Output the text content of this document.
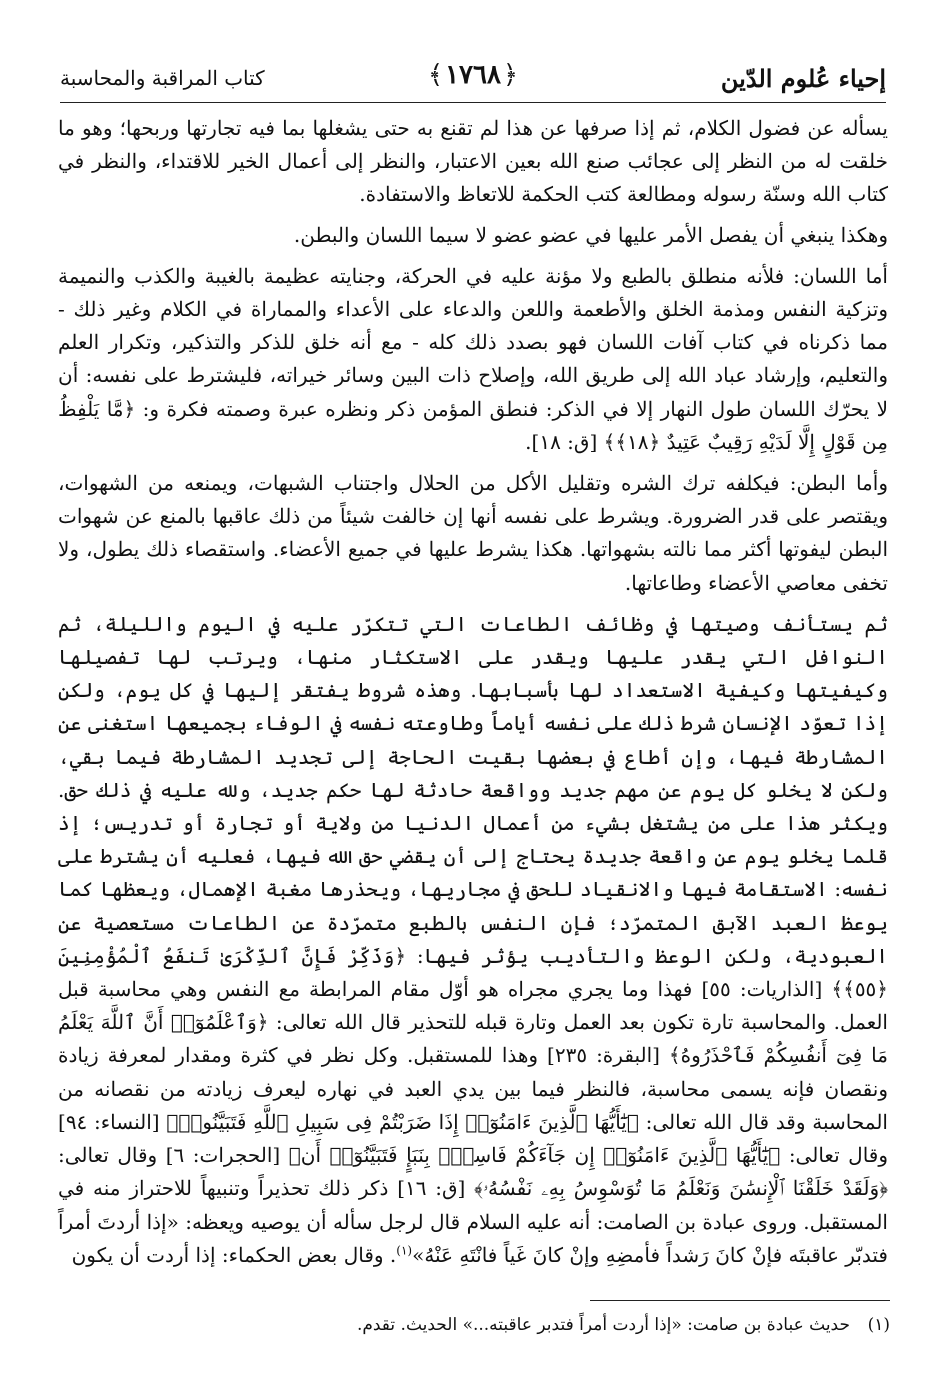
إحياء عُلوم الدّين
﴿١٧٦٨﴾
كتاب المراقبة والمحاسبة

يسأله عن فضول الكلام، ثم إذا صرفها عن هذا لم تقنع به حتى يشغلها بما فيه تجارتها وربحها؛ وهو ما خلقت له من النظر إلى عجائب صنع الله بعين الاعتبار، والنظر إلى أعمال الخير للاقتداء، والنظر في كتاب الله وسنّة رسوله ومطالعة كتب الحكمة للاتعاظ والاستفادة.

وهكذا ينبغي أن يفصل الأمر عليها في عضو عضو لا سيما اللسان والبطن.

أما اللسان: فلأنه منطلق بالطبع ولا مؤنة عليه في الحركة، وجنايته عظيمة بالغيبة والكذب والنميمة وتزكية النفس ومذمة الخلق والأطعمة واللعن والدعاء على الأعداء والمماراة في الكلام وغير ذلك - مما ذكرناه في كتاب آفات اللسان فهو بصدد ذلك كله - مع أنه خلق للذكر والتذكير، وتكرار العلم والتعليم، وإرشاد عباد الله إلى طريق الله، وإصلاح ذات البين وسائر خيراته، فليشترط على نفسه: أن لا يحرّك اللسان طول النهار إلا في الذكر: فنطق المؤمن ذكر ونظره عبرة وصمته فكرة و: ﴿مَّا يَلْفِظُ مِن قَوْلٍ إِلَّا لَدَيْهِ رَقِيبٌ عَتِيدٌ ﴿١٨﴾﴾ [ق: ١٨].

وأما البطن: فيكلفه ترك الشره وتقليل الأكل من الحلال واجتناب الشبهات، ويمنعه من الشهوات، ويقتصر على قدر الضرورة. ويشرط على نفسه أنها إن خالفت شيئاً من ذلك عاقبها بالمنع عن شهوات البطن ليفوتها أكثر مما نالته بشهواتها. هكذا يشرط عليها في جميع الأعضاء. واستقصاء ذلك يطول، ولا تخفى معاصي الأعضاء وطاعاتها.

ثم يستأنف وصيتها في وظائف الطاعات التي تتكرّر عليه في اليوم والليلة، ثم النوافل التي يقدر عليها ويقدر على الاستكثار منها، ويرتب لها تفصيلها وكيفيتها وكيفية الاستعداد لها بأسبابها. وهذه شروط يفتقر إليها في كل يوم، ولكن إذا تعوّد الإنسان شرط ذلك على نفسه أياماً وطاوعته نفسه في الوفاء بجميعها استغنى عن المشارطة فيها، وإن أطاع في بعضها بقيت الحاجة إلى تجديد المشارطة فيما بقي، ولكن لا يخلو كل يوم عن مهم جديد وواقعة حادثة لها حكم جديد، ولله عليه في ذلك حق. ويكثر هذا على من يشتغل بشيء من أعمال الدنيا من ولاية أو تجارة أو تدريس؛ إذ قلما يخلو يوم عن واقعة جديدة يحتاج إلى أن يقضي حق الله فيها، فعليه أن يشترط على نفسه: الاستقامة فيها والانقياد للحق في مجاريها، ويحذرها مغبة الإهمال، ويعظها كما يوعظ العبد الآبق المتمرّد؛ فإن النفس بالطبع متمرّدة عن الطاعات مستعصية عن العبودية، ولكن الوعظ والتأديب يؤثر فيها: ﴿وَذَكِّرْ فَإِنَّ ٱلذِّكْرَىٰ تَنفَعُ ٱلْمُؤْمِنِينَ ﴿٥٥﴾﴾ [الذاريات: ٥٥] فهذا وما يجري مجراه هو أوّل مقام المرابطة مع النفس وهي محاسبة قبل العمل. والمحاسبة تارة تكون بعد العمل وتارة قبله للتحذير قال الله تعالى: ﴿وَٱعْلَمُوٓا۟ أَنَّ ٱللَّهَ يَعْلَمُ مَا فِىٓ أَنفُسِكُمْ فَٱحْذَرُوهُ﴾ [البقرة: ٢٣٥] وهذا للمستقبل. وكل نظر في كثرة ومقدار لمعرفة زيادة ونقصان فإنه يسمى محاسبة، فالنظر فيما بين يدي العبد في نهاره ليعرف زيادته من نقصانه من المحاسبة وقد قال الله تعالى: ﴿يَٰٓأَيُّهَا ٱلَّذِينَ ءَامَنُوٓا۟ إِذَا ضَرَبْتُمْ فِى سَبِيلِ ٱللَّهِ فَتَبَيَّنُوا۟﴾ [النساء: ٩٤] وقال تعالى: ﴿يَٰٓأَيُّهَا ٱلَّذِينَ ءَامَنُوٓا۟ إِن جَآءَكُمْ فَاسِقٌۢ بِنَبَإٍ فَتَبَيَّنُوٓا۟ أَن﴾ [الحجرات: ٦] وقال تعالى: ﴿وَلَقَدْ خَلَقْنَا ٱلْإِنسَٰنَ وَنَعْلَمُ مَا تُوَسْوِسُ بِهِۦ نَفْسُهُۥ﴾ [ق: ١٦] ذكر ذلك تحذيراً وتنبيهاً للاحتراز منه في المستقبل. وروى عبادة بن الصامت: أنه عليه السلام قال لرجل سأله أن يوصيه ويعظه: «إذا أردتَ أمراً فتدبّر عاقبتَه فإنْ كانَ رَشداً فأمضِهِ وإنْ كانَ غَياً فانْتَهِ عَنْهُ»$^{(١)}$. وقال بعض الحكماء: إذا أردت أن يكون

(١)حديث عبادة بن صامت: «إذا أردت أمراً فتدبر عاقبته...» الحديث. تقدم.
